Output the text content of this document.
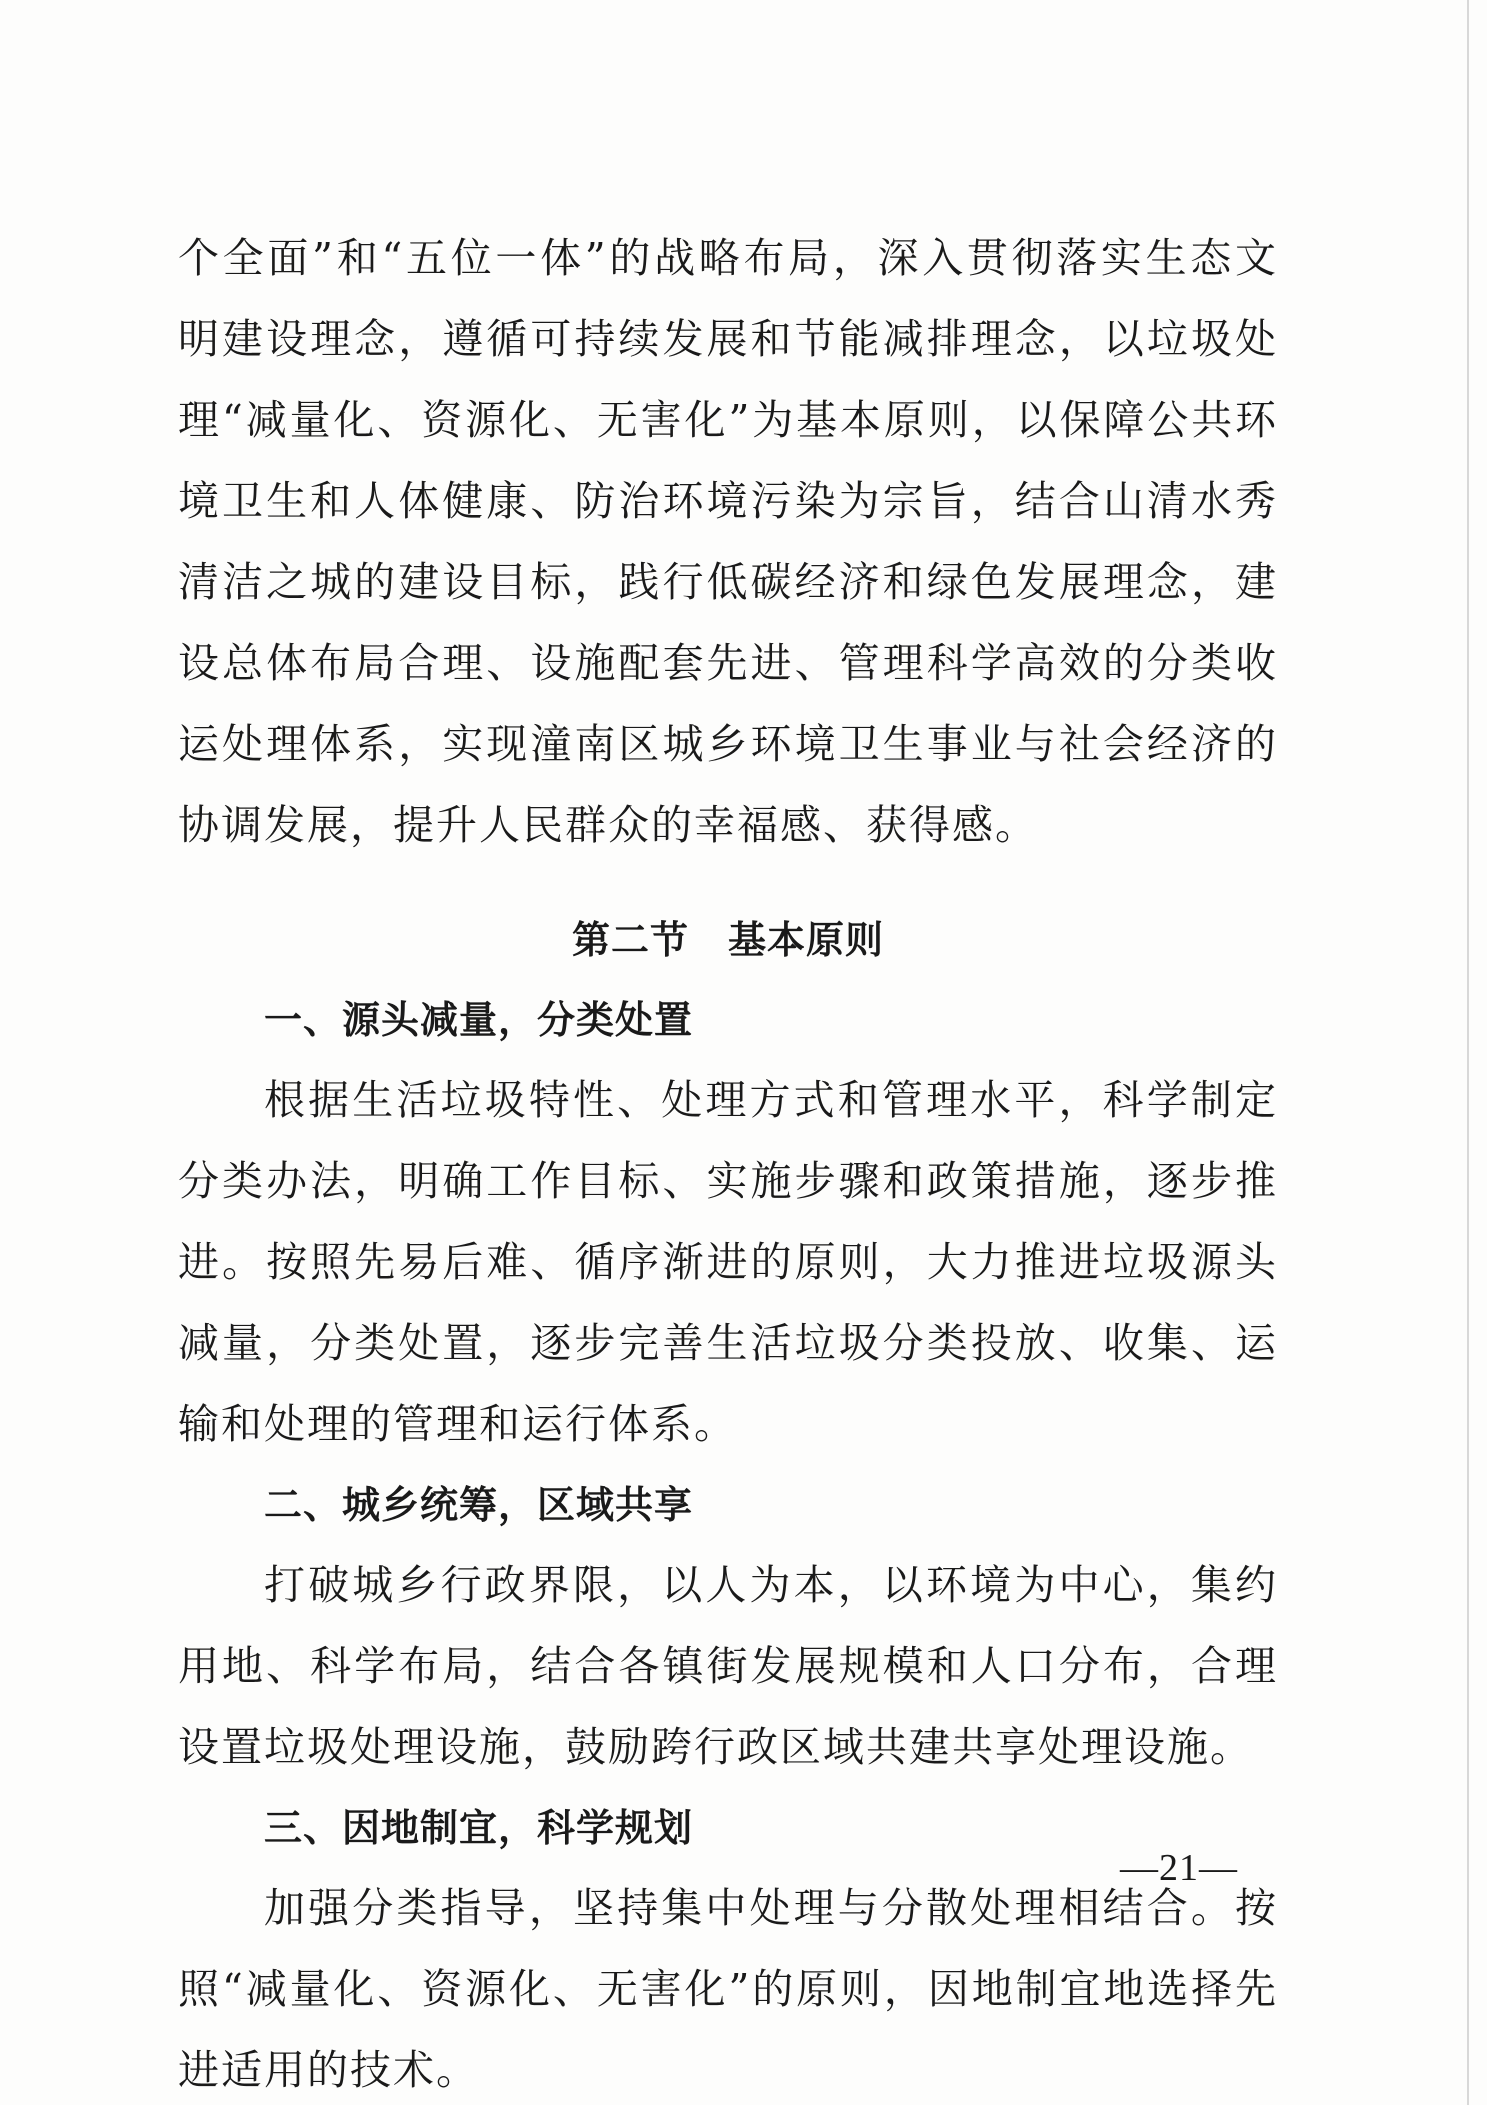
个全面”和“五位一体”的战略布局，深入贯彻落实生态文明建设理念，遵循可持续发展和节能减排理念，以垃圾处理“减量化、资源化、无害化”为基本原则，以保障公共环境卫生和人体健康、防治环境污染为宗旨，结合山清水秀清洁之城的建设目标，践行低碳经济和绿色发展理念，建设总体布局合理、设施配套先进、管理科学高效的分类收运处理体系，实现潼南区城乡环境卫生事业与社会经济的协调发展，提升人民群众的幸福感、获得感。

第二节　基本原则
一、源头减量，分类处置

根据生活垃圾特性、处理方式和管理水平，科学制定分类办法，明确工作目标、实施步骤和政策措施，逐步推进。按照先易后难、循序渐进的原则，大力推进垃圾源头减量，分类处置，逐步完善生活垃圾分类投放、收集、运输和处理的管理和运行体系。

二、城乡统筹，区域共享

打破城乡行政界限，以人为本，以环境为中心，集约用地、科学布局，结合各镇街发展规模和人口分布，合理设置垃圾处理设施，鼓励跨行政区域共建共享处理设施。

三、因地制宜，科学规划

加强分类指导，坚持集中处理与分散处理相结合。按照“减量化、资源化、无害化”的原则，因地制宜地选择先进适用的技术。

—21—
